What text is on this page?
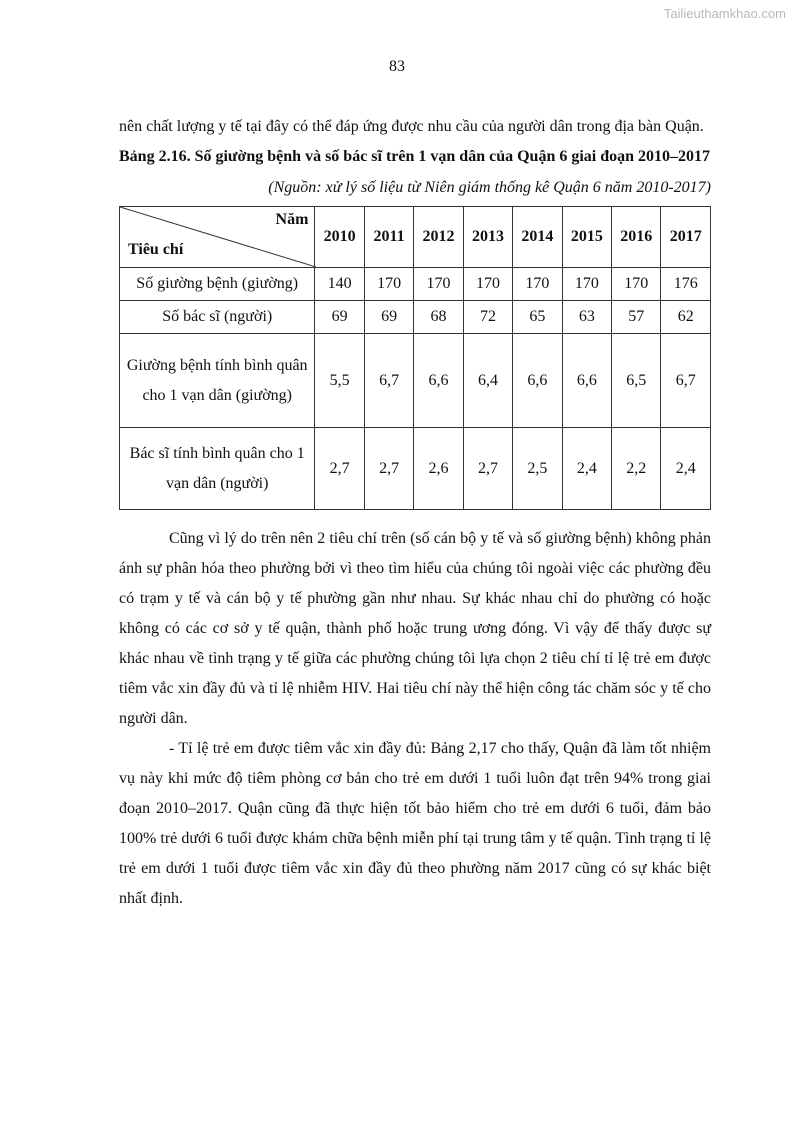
Tailieuthamkhao.com
83

nên chất lượng y tế tại đây có thể đáp ứng được nhu cầu của người dân trong địa bàn Quận.

Bảng 2.16. Số giường bệnh và số bác sĩ trên 1 vạn dân của Quận 6 giai đoạn 2010–2017

(Nguồn: xử lý số liệu từ Niên giám thống kê Quận 6 năm 2010-2017)

Năm
Tiêu chí	2010	2011	2012	2013	2014	2015	2016	2017
Số giường bệnh (giường)	140	170	170	170	170	170	170	176
Số bác sĩ (người)	69	69	68	72	65	63	57	62
Giường bệnh tính bình quân cho 1 vạn dân (giường)	5,5	6,7	6,6	6,4	6,6	6,6	6,5	6,7
Bác sĩ tính bình quân cho 1 vạn dân (người)	2,7	2,7	2,6	2,7	2,5	2,4	2,2	2,4

Cũng vì lý do trên nên 2 tiêu chí trên (số cán bộ y tế và số giường bệnh) không phản ánh sự phân hóa theo phường bởi vì theo tìm hiểu của chúng tôi ngoài việc các phường đều có trạm y tế và cán bộ y tế phường gần như nhau. Sự khác nhau chỉ do phường có hoặc không có các cơ sở y tế quận, thành phố hoặc trung ương đóng. Vì vậy để thấy được sự khác nhau về tình trạng y tế giữa các phường chúng tôi lựa chọn 2 tiêu chí tỉ lệ trẻ em được tiêm vắc xin đầy đủ và tỉ lệ nhiễm HIV. Hai tiêu chí này thể hiện công tác chăm sóc y tế cho người dân.

- Tỉ lệ trẻ em được tiêm vắc xin đầy đủ: Bảng 2,17 cho thấy, Quận đã làm tốt nhiệm vụ này khi mức độ tiêm phòng cơ bản cho trẻ em dưới 1 tuổi luôn đạt trên 94% trong giai đoạn 2010–2017. Quận cũng đã thực hiện tốt bảo hiểm cho trẻ em dưới 6 tuổi, đảm bảo 100% trẻ dưới 6 tuổi được khám chữa bệnh miễn phí tại trung tâm y tế quận. Tình trạng tỉ lệ trẻ em dưới 1 tuổi được tiêm vắc xin đầy đủ theo phường năm 2017 cũng có sự khác biệt nhất định.
